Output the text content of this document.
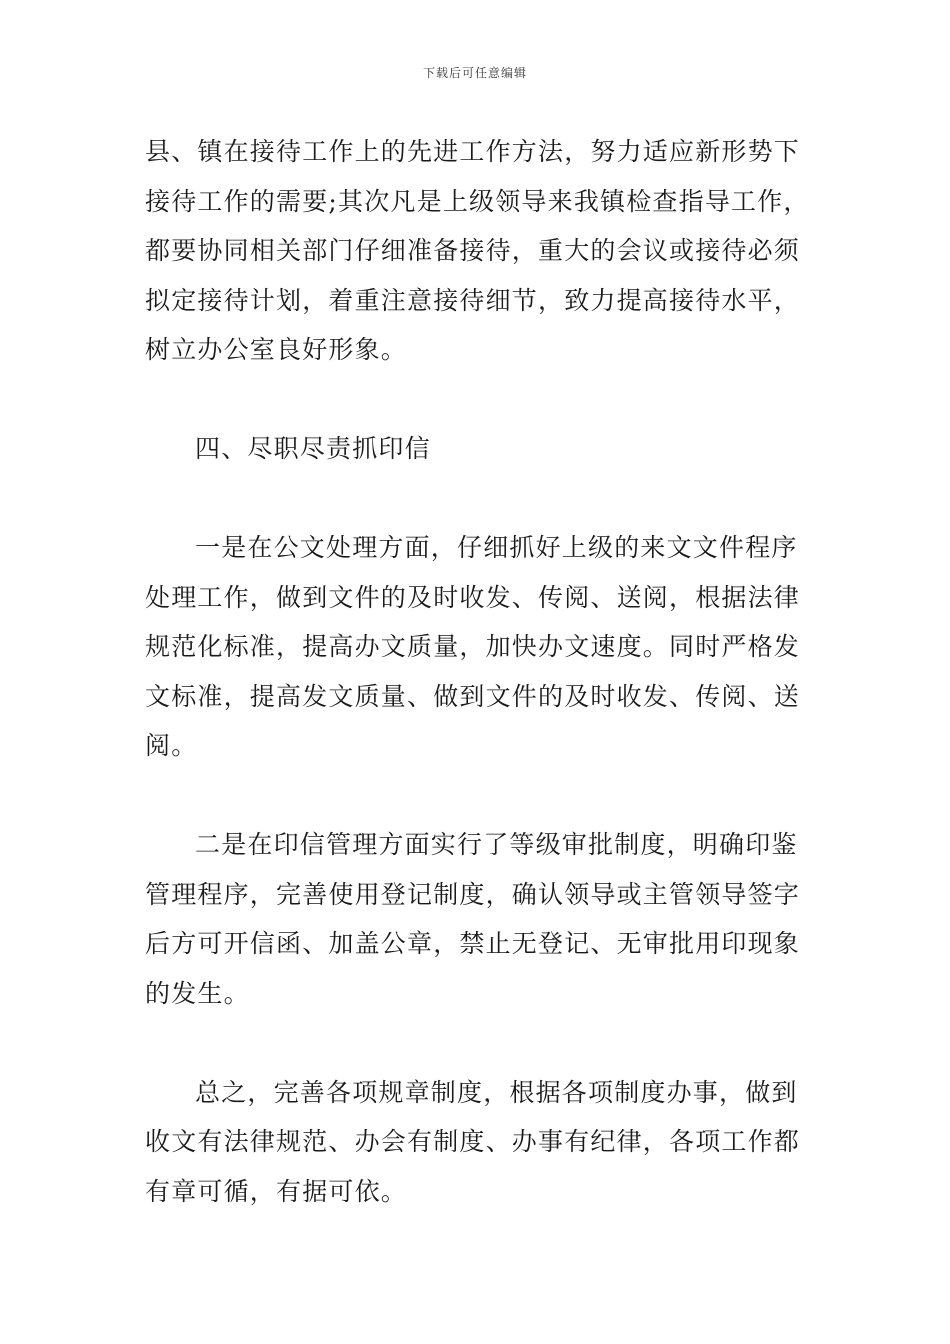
下载后可任意编辑
县、镇在接待工作上的先进工作方法，努力适应新形势下
接待工作的需要;其次凡是上级领导来我镇检查指导工作，
都要协同相关部门仔细准备接待，重大的会议或接待必须
拟定接待计划，着重注意接待细节，致力提高接待水平，
树立办公室良好形象。
四、尽职尽责抓印信
一是在公文处理方面，仔细抓好上级的来文文件程序
处理工作，做到文件的及时收发、传阅、送阅，根据法律
规范化标准，提高办文质量，加快办文速度。同时严格发
文标准，提高发文质量、做到文件的及时收发、传阅、送
阅。
二是在印信管理方面实行了等级审批制度，明确印鉴
管理程序，完善使用登记制度，确认领导或主管领导签字
后方可开信函、加盖公章，禁止无登记、无审批用印现象
的发生。
总之，完善各项规章制度，根据各项制度办事，做到
收文有法律规范、办会有制度、办事有纪律，各项工作都
有章可循，有据可依。
